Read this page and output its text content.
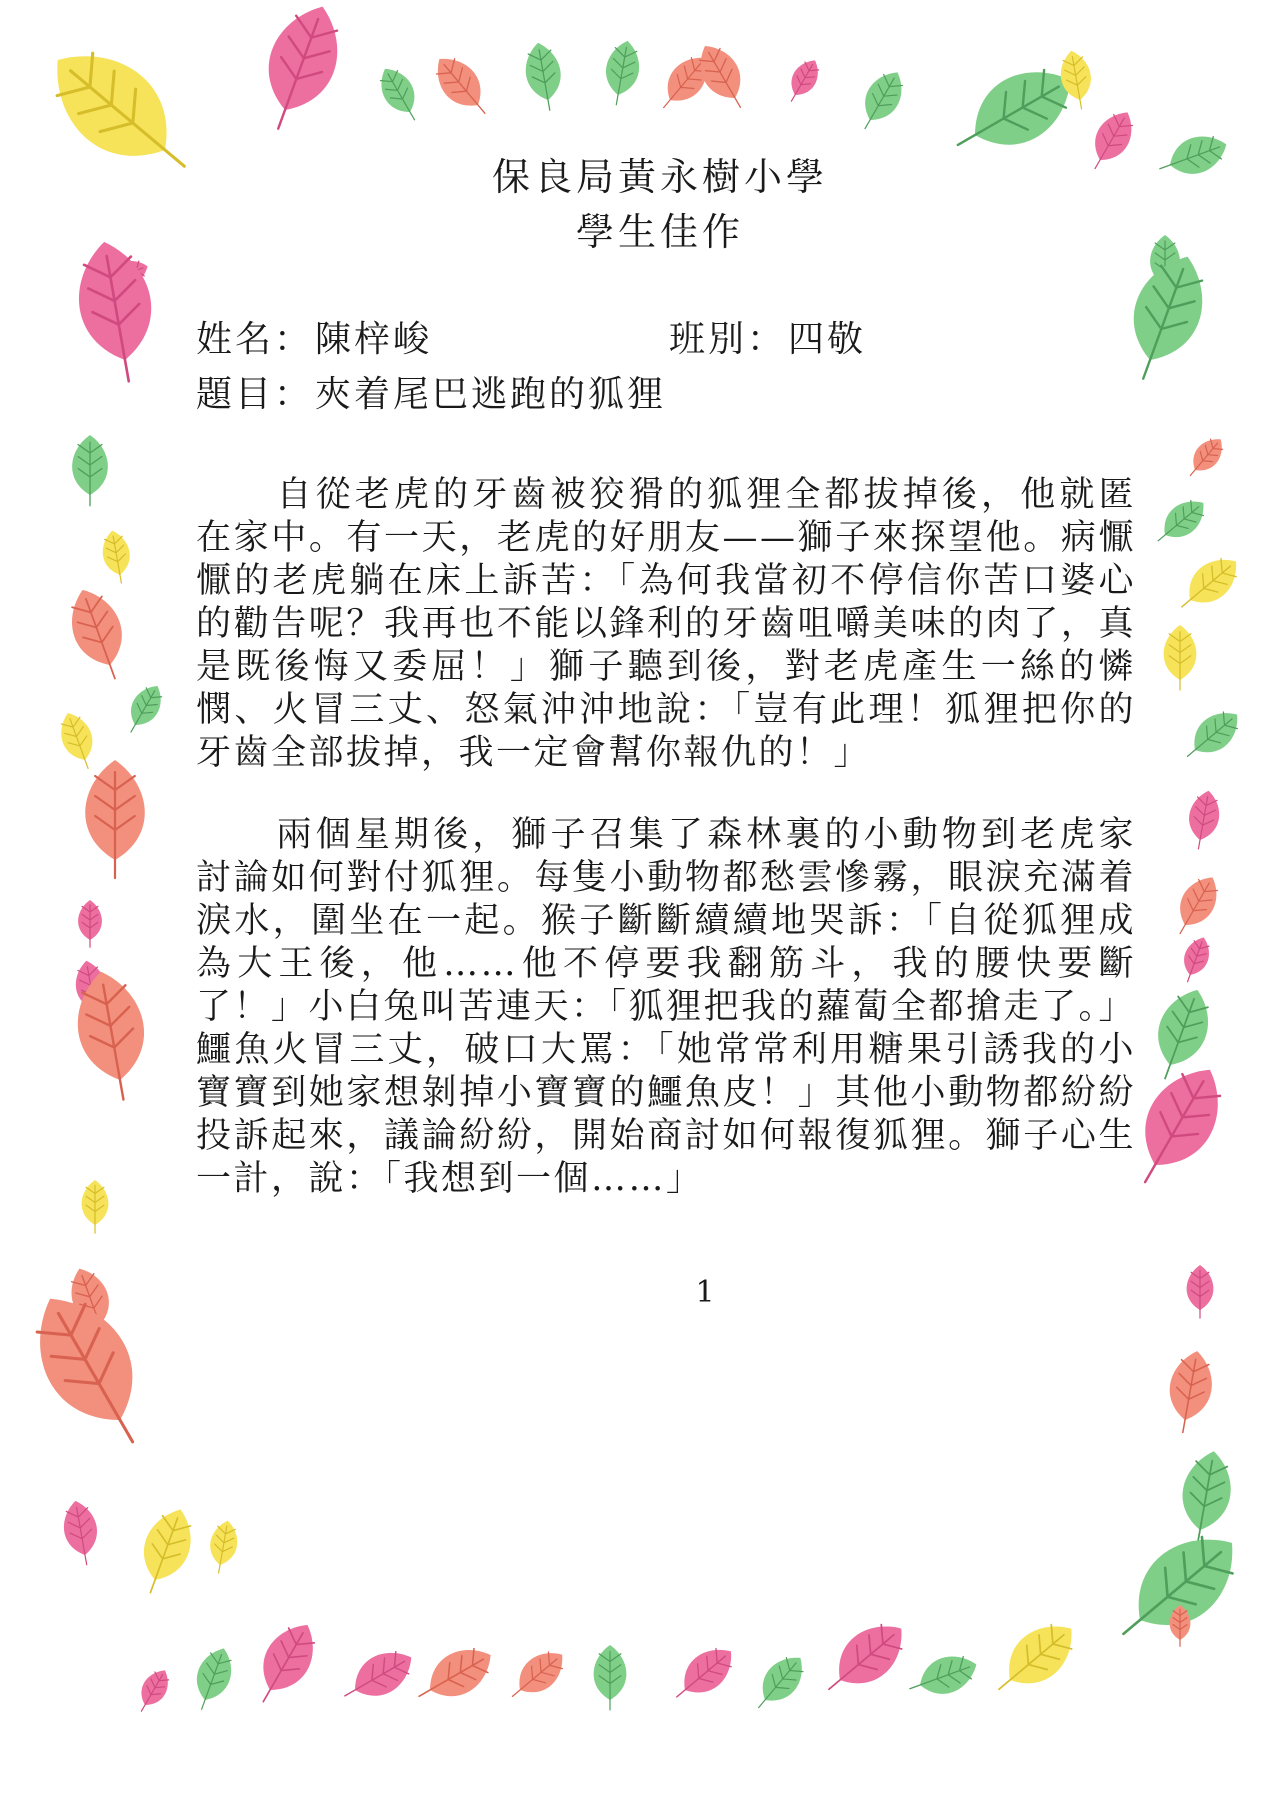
保良局黃永樹小學
學生佳作
姓名：陳梓峻	班別：四敬
題目：夾着尾巴逃跑的狐狸

自從老虎的牙齒被狡猾的狐狸全都拔掉後，他就匿在家中。有一天，老虎的好朋友——獅子來探望他。病懨懨的老虎躺在床上訴苦：「為何我當初不停信你苦口婆心的勸告呢？我再也不能以鋒利的牙齒咀嚼美味的肉了，真是既後悔又委屈！」獅子聽到後，對老虎產生一絲的憐憫、火冒三丈、怒氣沖沖地說：「豈有此理！狐狸把你的牙齒全部拔掉，我一定會幫你報仇的！」

兩個星期後，獅子召集了森林裏的小動物到老虎家討論如何對付狐狸。每隻小動物都愁雲慘霧，眼淚充滿着淚水，圍坐在一起。猴子斷斷續續地哭訴：「自從狐狸成為大王後，他……他不停要我翻筋斗，我的腰快要斷了！」小白兔叫苦連天：「狐狸把我的蘿蔔全都搶走了。」鱷魚火冒三丈，破口大罵：「她常常利用糖果引誘我的小寶寶到她家想剝掉小寶寶的鱷魚皮！」其他小動物都紛紛投訴起來，議論紛紛，開始商討如何報復狐狸。獅子心生一計，說：「我想到一個……」

1
